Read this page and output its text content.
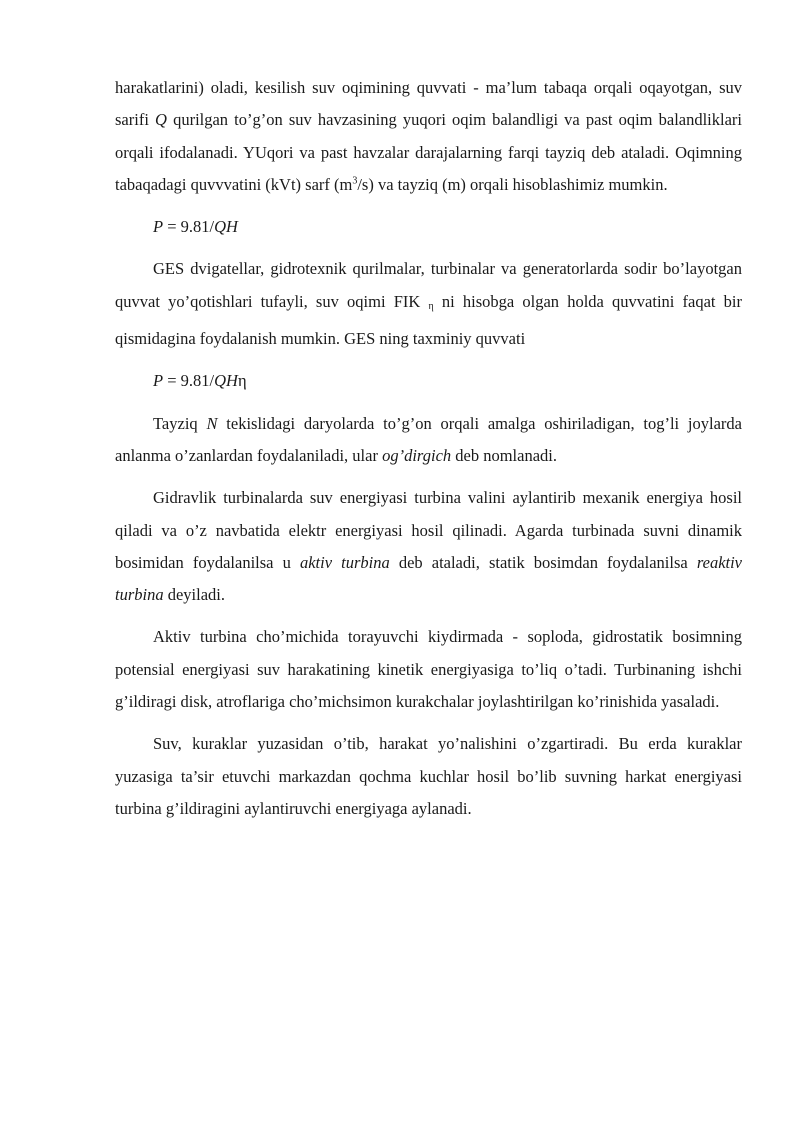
harakatlarini) oladi, kesilish suv oqimining quvvati - ma’lum tabaqa orqali oqayotgan, suv sarifi Q qurilgan to’g’on suv havzasining yuqori oqim balandligi va past oqim balandliklari orqali ifodalanadi. YUqori va past havzalar darajalarning farqi tayziq deb ataladi. Oqimning tabaqadagi quvvvatini (kVt) sarf $(m^3/s)$ va tayziq (m) orqali hisoblashimiz mumkin.

P = 9.81/QH

GES dvigatellar, gidrotexnik qurilmalar, turbinalar va generatorlarda sodir bo’layotgan quvvat yo’qotishlari tufayli, suv oqimi FIK η ni hisobga olgan holda quvvatini faqat bir qismidagina foydalanish mumkin. GES ning taxminiy quvvati

P = 9.81/QHη

Tayziq N tekislidagi daryolarda to’g’on orqali amalga oshiriladigan, tog’li joylarda anlanma o’zanlardan foydalaniladi, ular og’dirgich deb nomlanadi.

Gidravlik turbinalarda suv energiyasi turbina valini aylantirib mexanik energiya hosil qiladi va o’z navbatida elektr energiyasi hosil qilinadi. Agarda turbinada suvni dinamik bosimidan foydalanilsa u aktiv turbina deb ataladi, statik bosimdan foydalanilsa reaktiv turbina deyiladi.

Aktiv turbina cho’michida torayuvchi kiydirmada - soploda, gidrostatik bosimning potensial energiyasi suv harakatining kinetik energiyasiga to’liq o’tadi. Turbinaning ishchi g’ildiragi disk, atroflariga cho’michsimon kurakchalar joylashtirilgan ko’rinishida yasaladi.

Suv, kuraklar yuzasidan o’tib, harakat yo’nalishini o’zgartiradi. Bu erda kuraklar yuzasiga ta’sir etuvchi markazdan qochma kuchlar hosil bo’lib suvning harkat energiyasi turbina g’ildiragini aylantiruvchi energiyaga aylanadi.
